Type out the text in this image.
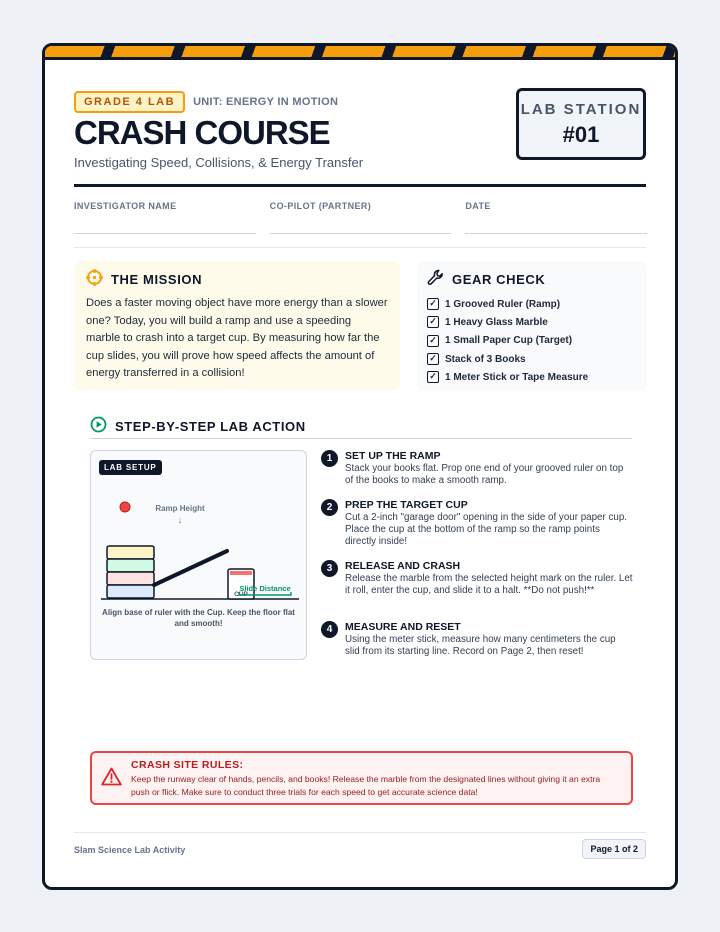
GRADE 4 LAB	UNIT: ENERGY IN MOTION
CRASH COURSE
Investigating Speed, Collisions, & Energy Transfer
LAB STATION
#01
INVESTIGATOR NAME	CO-PILOT (PARTNER)	DATE
THE MISSION

Does a faster moving object have more energy than a slower one? Today, you will build a ramp and use a speeding marble to crash into a target cup. By measuring how far the cup slides, you will prove how speed affects the amount of energy transferred in a collision!

GEAR CHECK
✓ 1 Grooved Ruler (Ramp)
✓ 1 Heavy Glass Marble
✓ 1 Small Paper Cup (Target)
✓ Stack of 3 Books
✓ 1 Meter Stick or Tape Measure
STEP-BY-STEP LAB ACTION
LAB SETUP
Ramp Height
↓
CUP
Slide Distance
Align base of ruler with the Cup. Keep the floor flat and smooth!
1	SET UP THE RAMP
Stack your books flat. Prop one end of your grooved ruler on top of the books to make a smooth ramp.
2	PREP THE TARGET CUP
Cut a 2-inch "garage door" opening in the side of your paper cup. Place the cup at the bottom of the ramp so the ramp points directly inside!
3	RELEASE AND CRASH
Release the marble from the selected height mark on the ruler. Let it roll, enter the cup, and slide it to a halt. **Do not push!**
4	MEASURE AND RESET
Using the meter stick, measure how many centimeters the cup slid from its starting line. Record on Page 2, then reset!
CRASH SITE RULES:
Keep the runway clear of hands, pencils, and books! Release the marble from the designated lines without giving it an extra push or flick. Make sure to conduct three trials for each speed to get accurate science data!
Slam Science Lab Activity	Page 1 of 2
